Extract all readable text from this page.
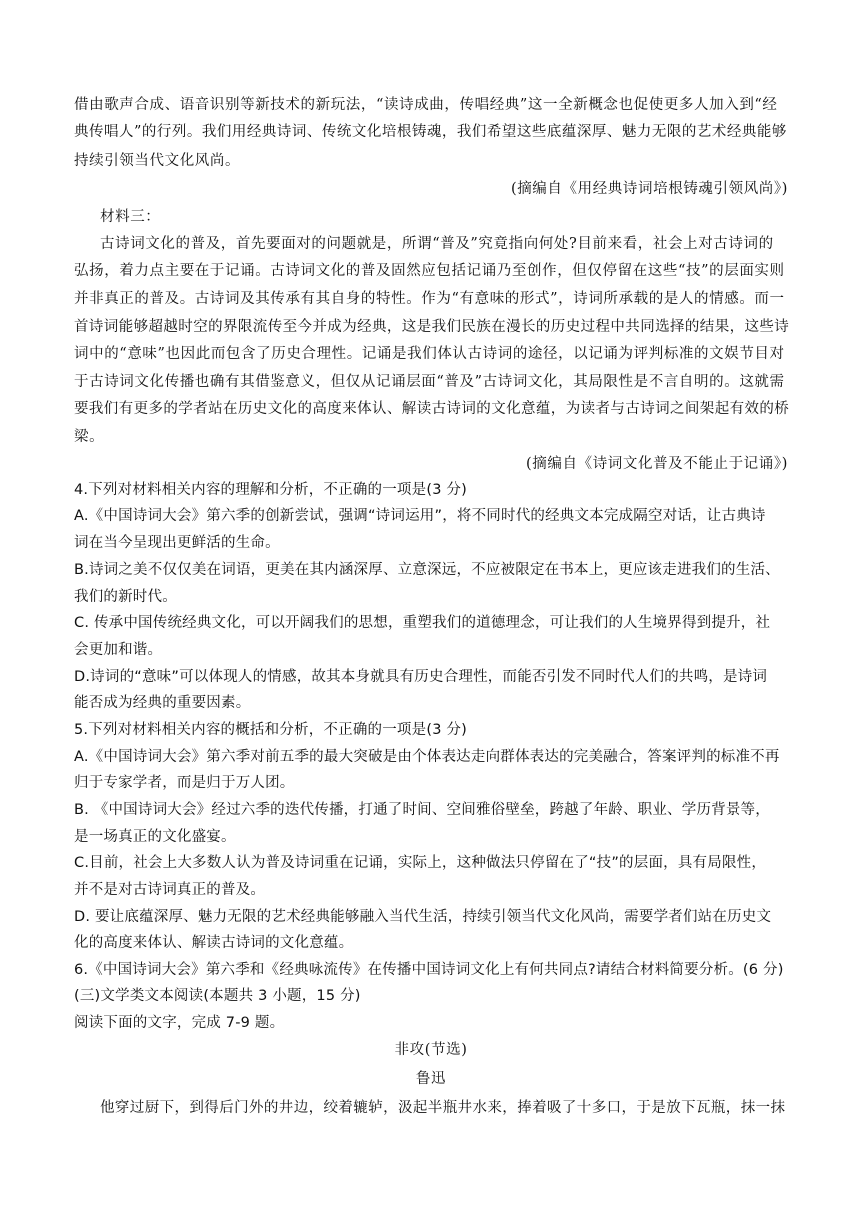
借由歌声合成、语音识别等新技术的新玩法，“读诗成曲，传唱经典”这一全新概念也促使更多人加入到“经
典传唱人”的行列。我们用经典诗词、传统文化培根铸魂，我们希望这些底蕴深厚、魅力无限的艺术经典能够
持续引领当代文化风尚。
(摘编自《用经典诗词培根铸魂引领风尚》)
材料三：
古诗词文化的普及，首先要面对的问题就是，所谓“普及”究竟指向何处?目前来看，社会上对古诗词的
弘扬，着力点主要在于记诵。古诗词文化的普及固然应包括记诵乃至创作，但仅停留在这些“技”的层面实则
并非真正的普及。古诗词及其传承有其自身的特性。作为“有意味的形式”，诗词所承载的是人的情感。而一
首诗词能够超越时空的界限流传至今并成为经典，这是我们民族在漫长的历史过程中共同选择的结果，这些诗
词中的“意味”也因此而包含了历史合理性。记诵是我们体认古诗词的途径，以记诵为评判标准的文娱节目对
于古诗词文化传播也确有其借鉴意义，但仅从记诵层面“普及”古诗词文化，其局限性是不言自明的。这就需
要我们有更多的学者站在历史文化的高度来体认、解读古诗词的文化意蕴，为读者与古诗词之间架起有效的桥
梁。
(摘编自《诗词文化普及不能止于记诵》)
4.下列对材料相关内容的理解和分析，不正确的一项是(3 分)
A.《中国诗词大会》第六季的创新尝试，强调“诗词运用”，将不同时代的经典文本完成隔空对话，让古典诗
词在当今呈现出更鲜活的生命。
B.诗词之美不仅仅美在词语，更美在其内涵深厚、立意深远，不应被限定在书本上，更应该走进我们的生活、
我们的新时代。
C. 传承中国传统经典文化，可以开阔我们的思想，重塑我们的道德理念，可让我们的人生境界得到提升，社
会更加和谐。
D.诗词的“意味”可以体现人的情感，故其本身就具有历史合理性，而能否引发不同时代人们的共鸣，是诗词
能否成为经典的重要因素。
5.下列对材料相关内容的概括和分析，不正确的一项是(3 分)
A.《中国诗词大会》第六季对前五季的最大突破是由个体表达走向群体表达的完美融合，答案评判的标准不再
归于专家学者，而是归于万人团。
B. 《中国诗词大会》经过六季的迭代传播，打通了时间、空间雅俗壁垒，跨越了年龄、职业、学历背景等，
是一场真正的文化盛宴。
C.目前，社会上大多数人认为普及诗词重在记诵，实际上，这种做法只停留在了“技”的层面，具有局限性，
并不是对古诗词真正的普及。
D. 要让底蕴深厚、魅力无限的艺术经典能够融入当代生活，持续引领当代文化风尚，需要学者们站在历史文
化的高度来体认、解读古诗词的文化意蕴。
6.《中国诗词大会》第六季和《经典咏流传》在传播中国诗词文化上有何共同点?请结合材料简要分析。(6 分)
(三)文学类文本阅读(本题共 3 小题，15 分)
阅读下面的文字，完成 7-9 题。
非攻(节选)
鲁迅
他穿过厨下，到得后门外的井边，绞着辘轳，汲起半瓶井水来，捧着吸了十多口，于是放下瓦瓶，抹一抹
